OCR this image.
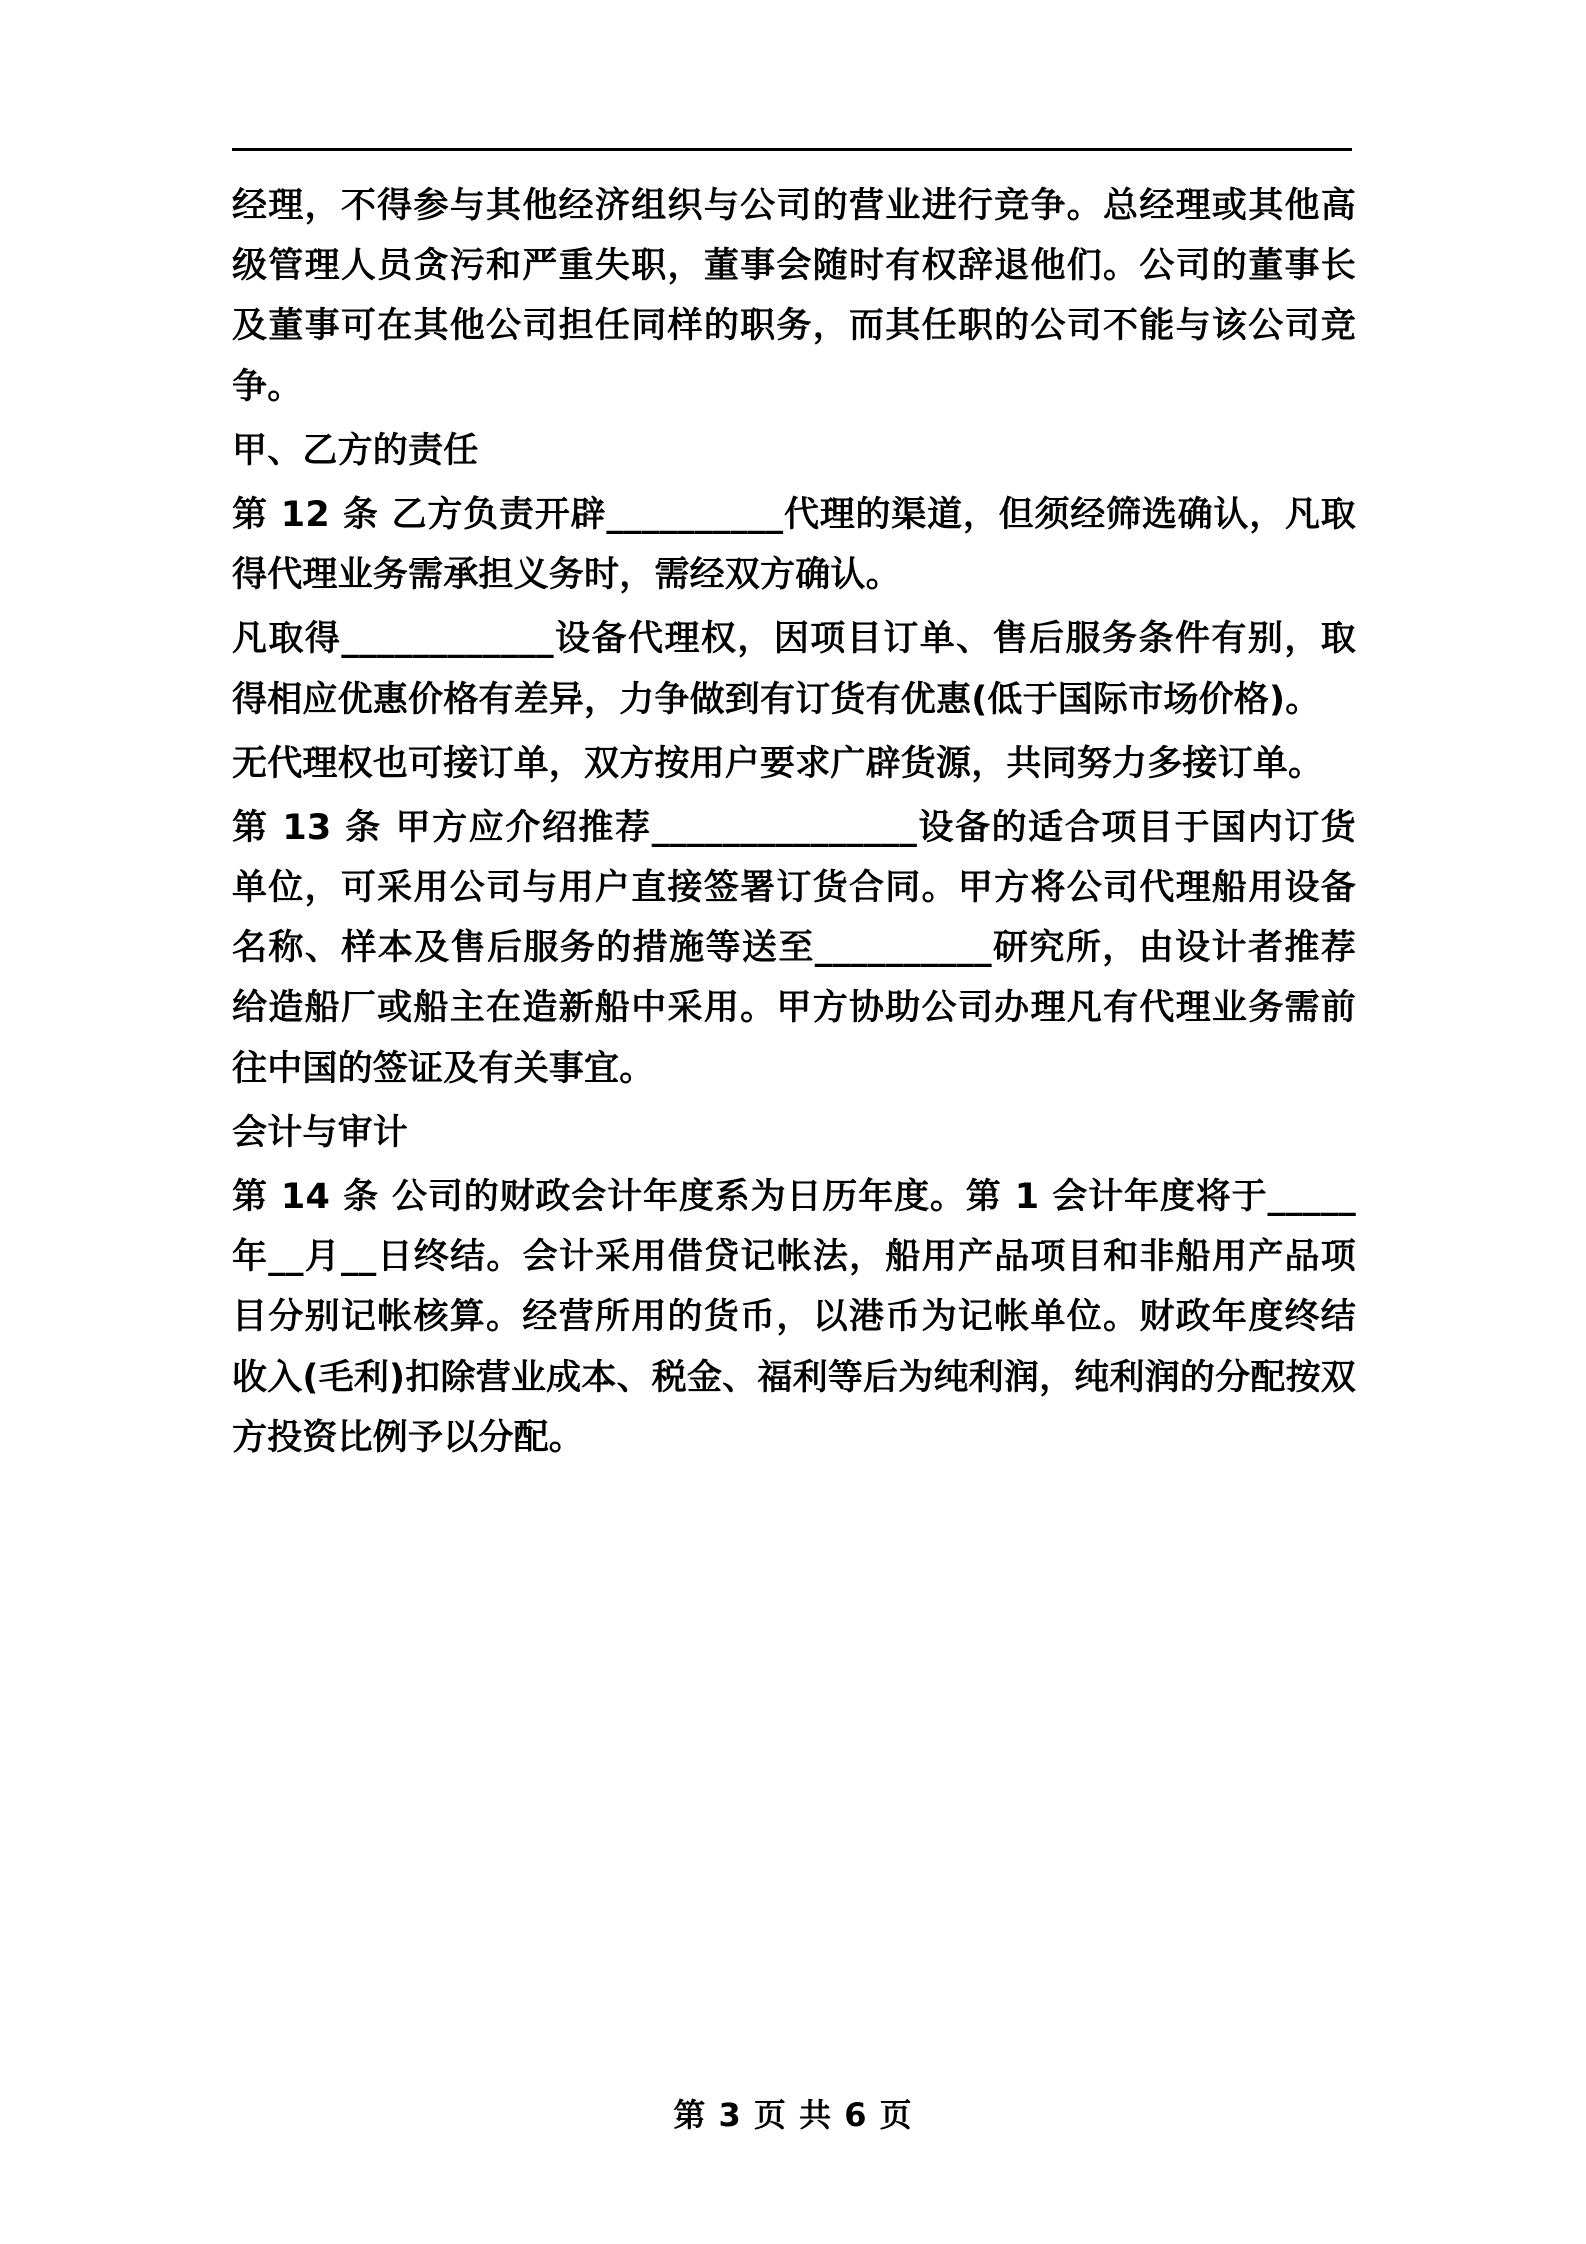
经理，不得参与其他经济组织与公司的营业进行竞争。总经理或其他高级管理人员贪污和严重失职，董事会随时有权辞退他们。公司的董事长及董事可在其他公司担任同样的职务，而其任职的公司不能与该公司竞争。

甲、乙方的责任

第 12 条 乙方负责开辟__________代理的渠道，但须经筛选确认，凡取得代理业务需承担义务时，需经双方确认。

凡取得____________设备代理权，因项目订单、售后服务条件有别，取得相应优惠价格有差异，力争做到有订货有优惠(低于国际市场价格)。

无代理权也可接订单，双方按用户要求广辟货源，共同努力多接订单。

第 13 条 甲方应介绍推荐_______________设备的适合项目于国内订货单位，可采用公司与用户直接签署订货合同。甲方将公司代理船用设备名称、样本及售后服务的措施等送至__________研究所，由设计者推荐给造船厂或船主在造新船中采用。甲方协助公司办理凡有代理业务需前往中国的签证及有关事宜。

会计与审计

第 14 条 公司的财政会计年度系为日历年度。第 1 会计年度将于_____年__月__日终结。会计采用借贷记帐法，船用产品项目和非船用产品项目分别记帐核算。经营所用的货币，以港币为记帐单位。财政年度终结收入(毛利)扣除营业成本、税金、福利等后为纯利润，纯利润的分配按双方投资比例予以分配。

第 3 页 共 6 页
